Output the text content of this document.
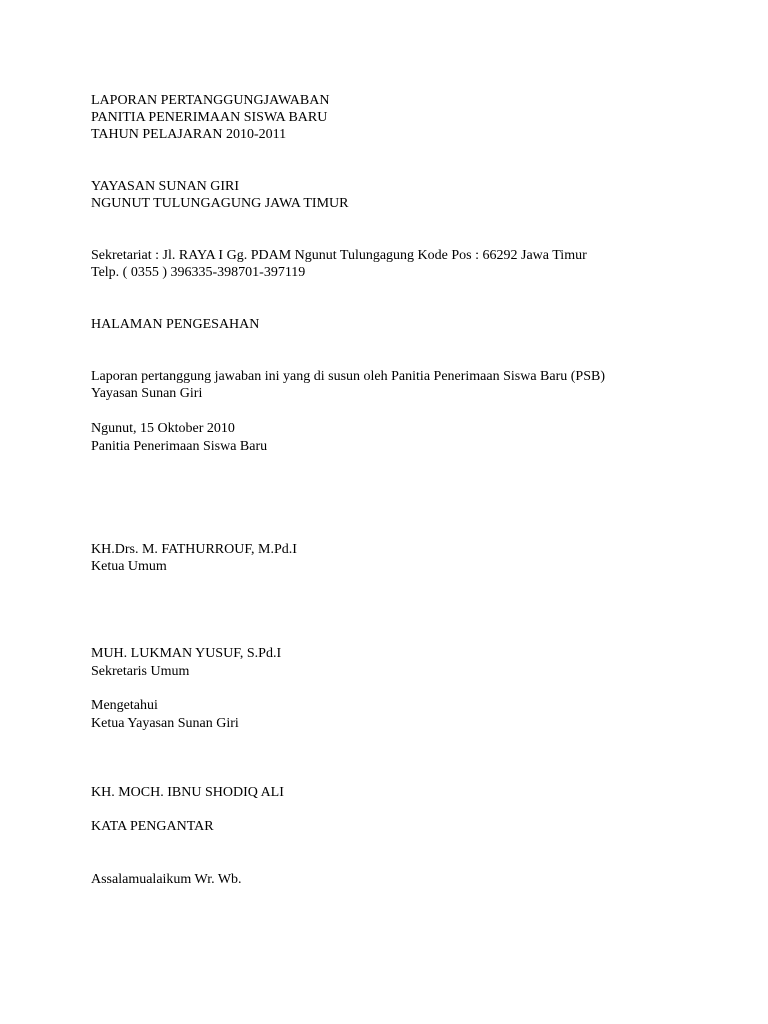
LAPORAN PERTANGGUNGJAWABAN
PANITIA PENERIMAAN SISWA BARU
TAHUN PELAJARAN 2010-2011
YAYASAN SUNAN GIRI
NGUNUT TULUNGAGUNG JAWA TIMUR
Sekretariat : Jl. RAYA I Gg. PDAM Ngunut Tulungagung Kode Pos : 66292 Jawa Timur
Telp. ( 0355 ) 396335-398701-397119
HALAMAN PENGESAHAN
Laporan pertanggung jawaban ini yang di susun oleh Panitia Penerimaan Siswa Baru (PSB)
Yayasan Sunan Giri
Ngunut, 15 Oktober 2010
Panitia Penerimaan Siswa Baru
KH.Drs. M. FATHURROUF, M.Pd.I
Ketua Umum
MUH. LUKMAN YUSUF, S.Pd.I
Sekretaris Umum
Mengetahui
Ketua Yayasan Sunan Giri
KH. MOCH. IBNU SHODIQ ALI
KATA PENGANTAR
Assalamualaikum Wr. Wb.
